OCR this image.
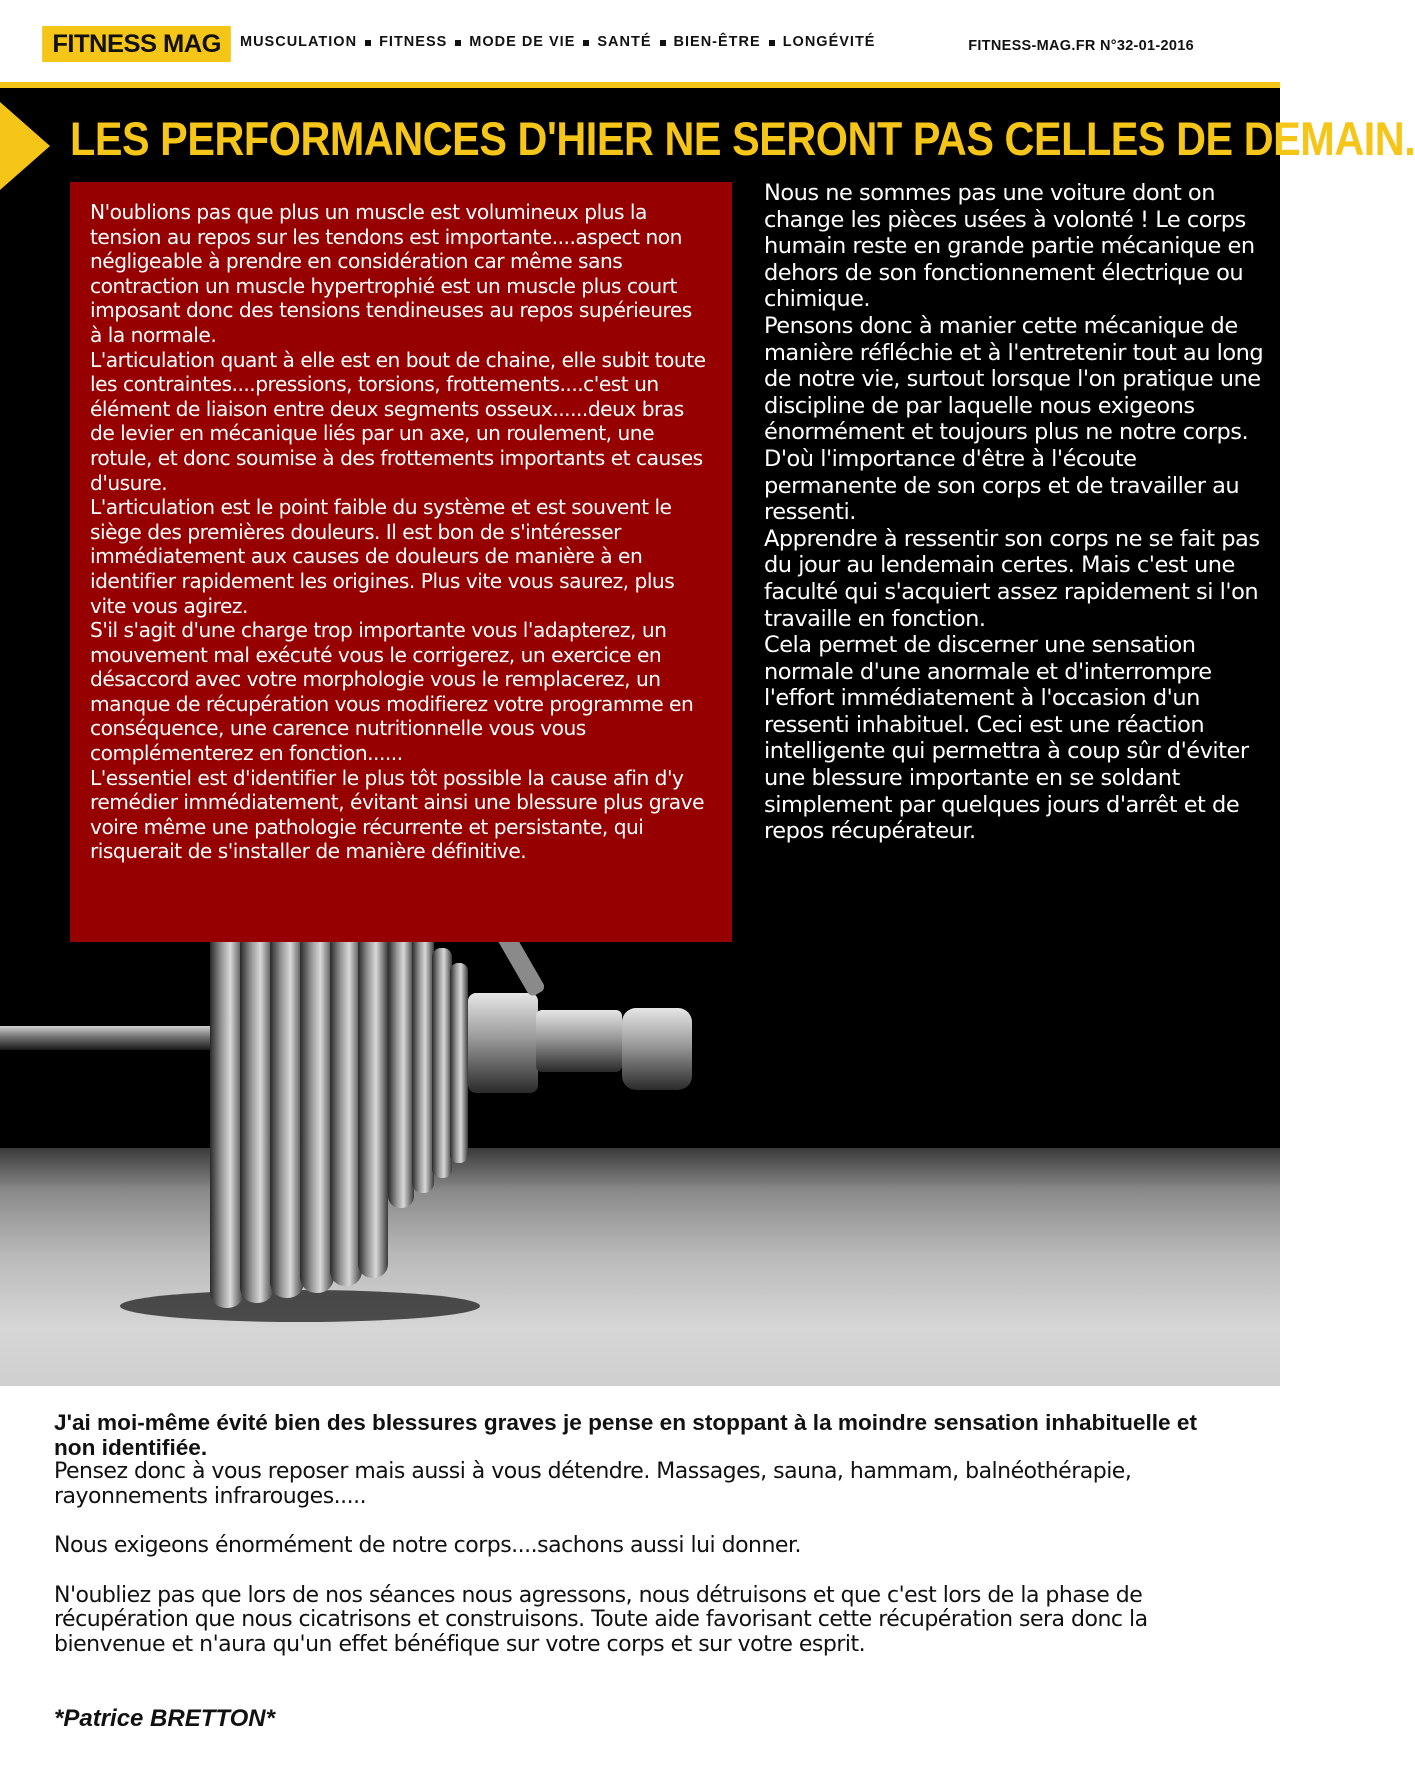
FITNESS MAG	MUSCULATION FITNESS MODE DE VIE SANTÉ BIEN-ÊTRE LONGÉVITÉ	FITNESS-MAG.FR N°32-01-2016
LES PERFORMANCES D'HIER NE SERONT PAS CELLES DE DEMAIN.

N'oublions pas que plus un muscle est volumineux plus la tension au repos sur les tendons est importante....aspect non négligeable à prendre en considération car même sans contraction un muscle hypertrophié est un muscle plus court imposant donc des tensions tendineuses au repos supérieures à la normale.

L'articulation quant à elle est en bout de chaine, elle subit toute les contraintes....pressions, torsions, frottements....c'est un élément de liaison entre deux segments osseux......deux bras de levier en mécanique liés par un axe, un roulement, une rotule, et donc soumise à des frottements importants et causes d'usure.

L'articulation est le point faible du système et est souvent le siège des premières douleurs. Il est bon de s'intéresser immédiatement aux causes de douleurs de manière à en identifier rapidement les origines. Plus vite vous saurez, plus vite vous agirez.

S'il s'agit d'une charge trop importante vous l'adapterez, un mouvement mal exécuté vous le corrigerez, un exercice en désaccord avec votre morphologie vous le remplacerez, un manque de récupération vous modifierez votre programme en conséquence, une carence nutritionnelle vous vous complémenterez en fonction......

L'essentiel est d'identifier le plus tôt possible la cause afin d'y remédier immédiatement, évitant ainsi une blessure plus grave voire même une pathologie récurrente et persistante, qui risquerait de s'installer de manière définitive.

Nous ne sommes pas une voiture dont on change les pièces usées à volonté ! Le corps humain reste en grande partie mécanique en dehors de son fonctionnement électrique ou chimique.

Pensons donc à manier cette mécanique de manière réfléchie et à l'entretenir tout au long de notre vie, surtout lorsque l'on pratique une discipline de par laquelle nous exigeons énormément et toujours plus ne notre corps.

D'où l'importance d'être à l'écoute permanente de son corps et de travailler au ressenti.

Apprendre à ressentir son corps ne se fait pas du jour au lendemain certes. Mais c'est une faculté qui s'acquiert assez rapidement si l'on travaille en fonction.

Cela permet de discerner une sensation normale d'une anormale et d'interrompre l'effort immédiatement à l'occasion d'un ressenti inhabituel. Ceci est une réaction intelligente qui permettra à coup sûr d'éviter une blessure importante en se soldant simplement par quelques jours d'arrêt et de repos récupérateur.

J'ai moi-même évité bien des blessures graves je pense en stoppant à la moindre sensation inhabituelle et non identifiée.

Pensez donc à vous reposer mais aussi à vous détendre. Massages, sauna, hammam, balnéothérapie, rayonnements infrarouges.....

Nous exigeons énormément de notre corps....sachons aussi lui donner.

N'oubliez pas que lors de nos séances nous agressons, nous détruisons et que c'est lors de la phase de récupération que nous cicatrisons et construisons. Toute aide favorisant cette récupération sera donc la bienvenue et n'aura qu'un effet bénéfique sur votre corps et sur votre esprit.

*Patrice BRETTON*
